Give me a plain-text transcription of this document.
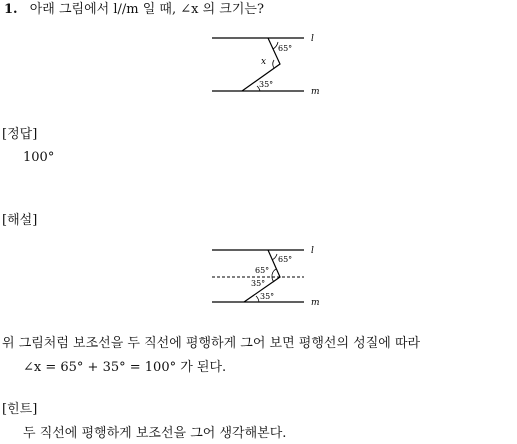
1. 아래 그림에서 l//m 일 때, ∠x 의 크기는?
l
m
65°
x
35°
[정답]
100°
[해설]
l
m
65°
65°
35°
35°
위 그림처럼 보조선을 두 직선에 평행하게 그어 보면 평행선의 성질에 따라
∠x = 65° + 35° = 100° 가 된다.
[힌트]
두 직선에 평행하게 보조선을 그어 생각해본다.
